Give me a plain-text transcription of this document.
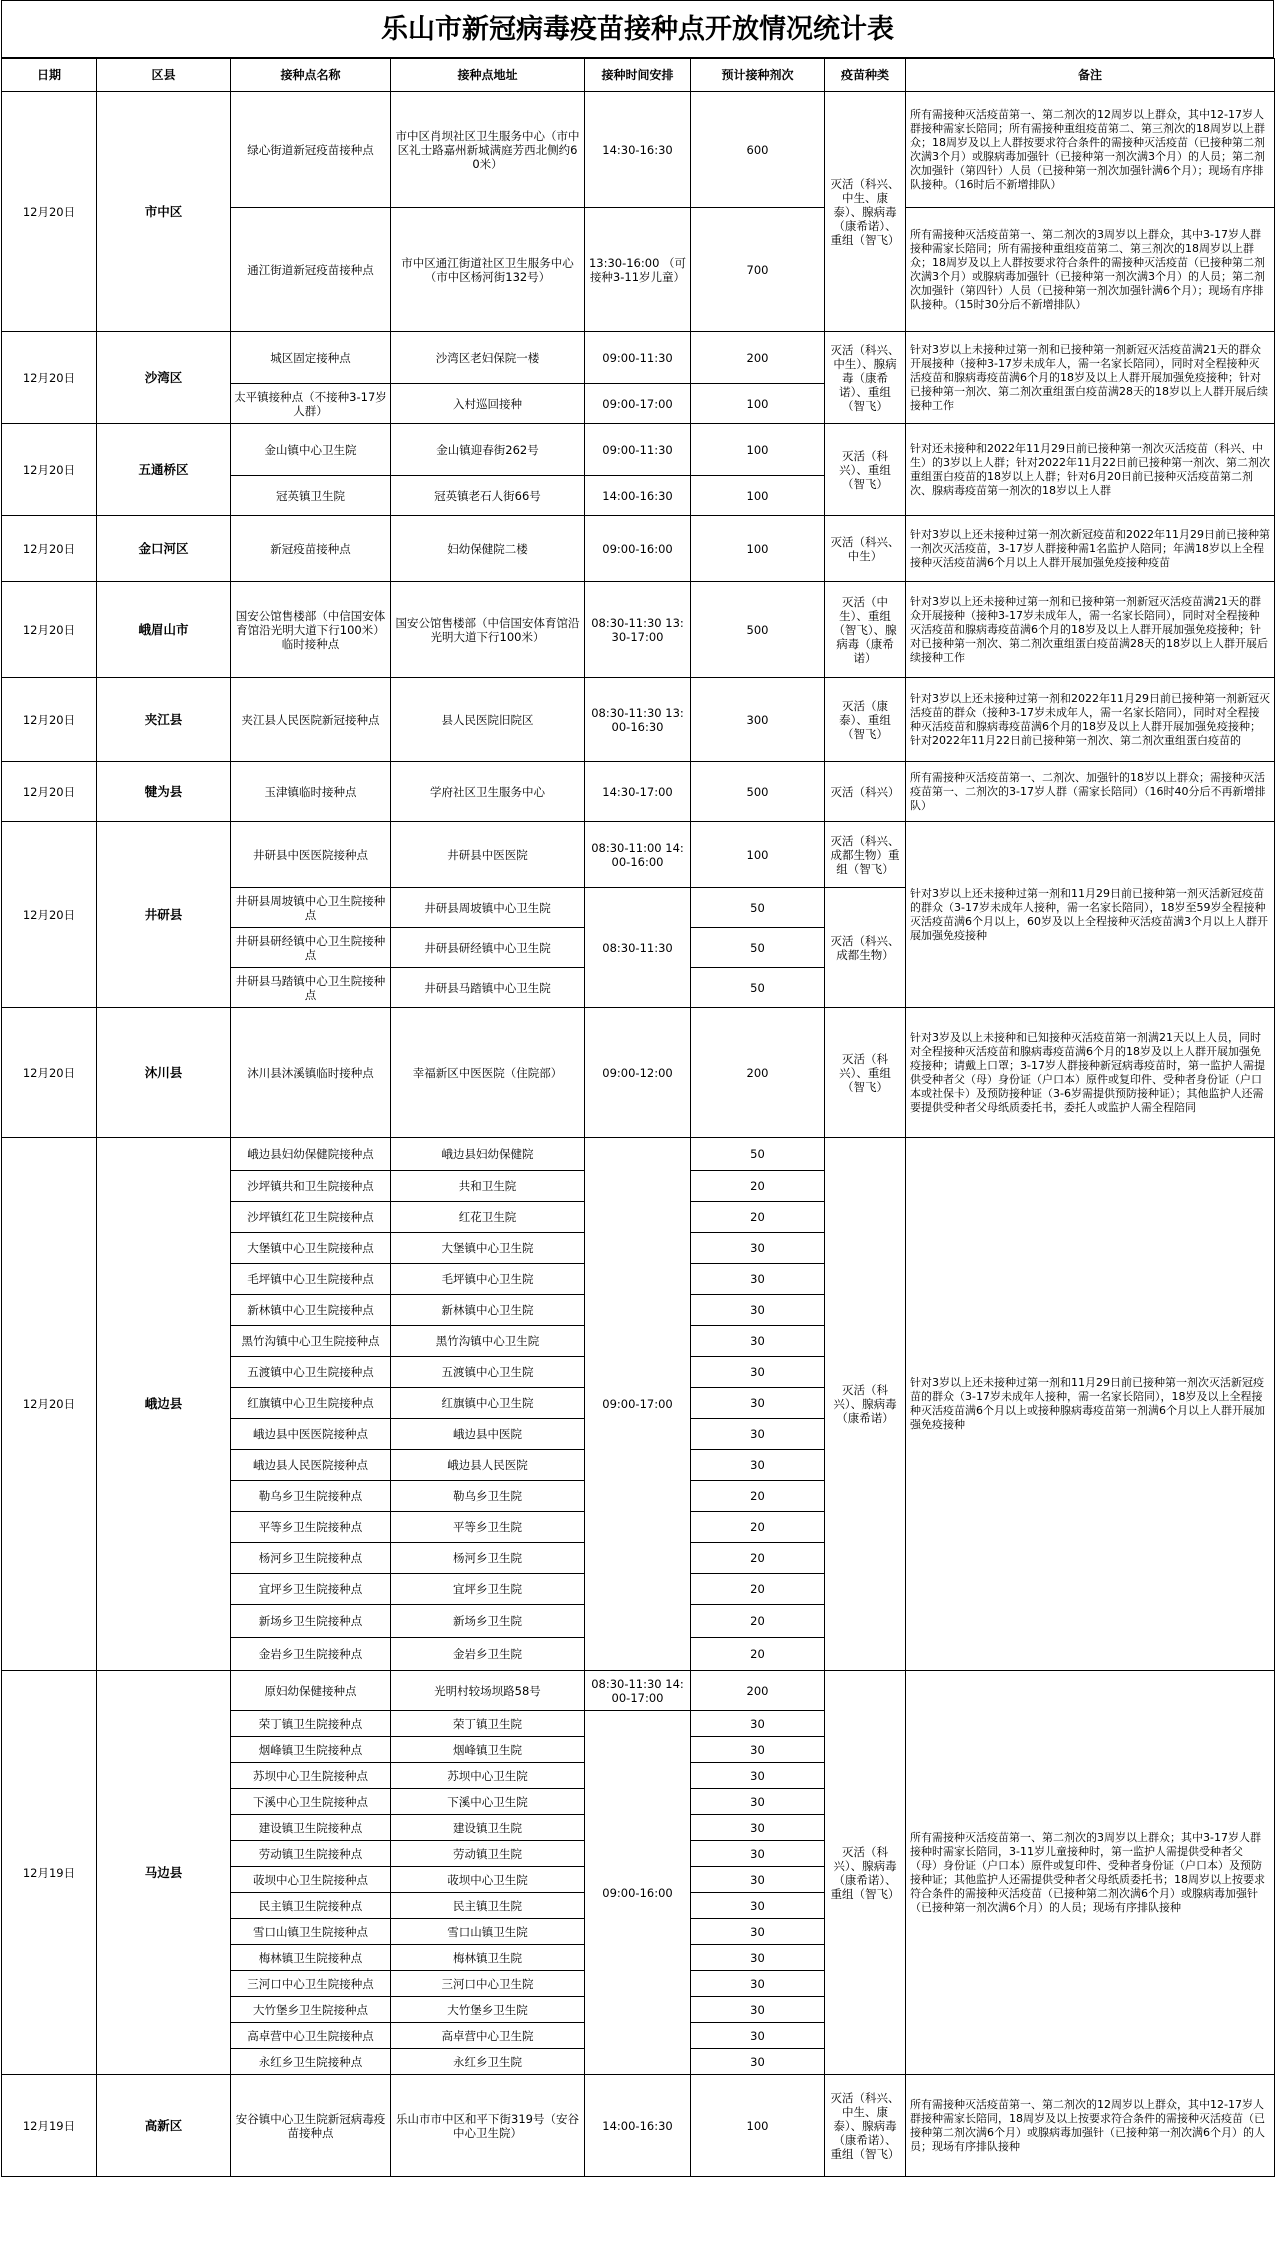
乐山市新冠病毒疫苗接种点开放情况统计表
日期	区县	接种点名称	接种点地址	接种时间安排	预计接种剂次	疫苗种类	备注
12月20日	市中区	绿心街道新冠疫苗接种点	市中区肖坝社区卫生服务中心（市中区礼士路嘉州新城满庭芳西北侧约60米）	14:30-16:30	600	灭活（科兴、中生、康泰）、腺病毒（康希诺）、重组（智飞）	所有需接种灭活疫苗第一、第二剂次的12周岁以上群众，其中12-17岁人群接种需家长陪同；所有需接种重组疫苗第二、第三剂次的18周岁以上群众；18周岁及以上人群按要求符合条件的需接种灭活疫苗（已接种第二剂次满3个月）或腺病毒加强针（已接种第一剂次满3个月）的人员；第二剂次加强针（第四针）人员（已接种第一剂次加强针满6个月）；现场有序排队接种。（16时后不新增排队）
		通江街道新冠疫苗接种点	市中区通江街道社区卫生服务中心（市中区杨河街132号）	13:30-16:00 （可接种3-11岁儿童）	700		所有需接种灭活疫苗第一、第二剂次的3周岁以上群众，其中3-17岁人群接种需家长陪同；所有需接种重组疫苗第二、第三剂次的18周岁以上群众；18周岁及以上人群按要求符合条件的需接种灭活疫苗（已接种第二剂次满3个月）或腺病毒加强针（已接种第一剂次满3个月）的人员；第二剂次加强针（第四针）人员（已接种第一剂次加强针满6个月）；现场有序排队接种。（15时30分后不新增排队）
12月20日	沙湾区	城区固定接种点	沙湾区老妇保院一楼	09:00-11:30	200	灭活（科兴、中生）、腺病毒（康希诺）、重组（智飞）	针对3岁以上未接种过第一剂和已接种第一剂新冠灭活疫苗满21天的群众开展接种（接种3-17岁未成年人，需一名家长陪同），同时对全程接种灭活疫苗和腺病毒疫苗满6个月的18岁及以上人群开展加强免疫接种；针对已接种第一剂次、第二剂次重组蛋白疫苗满28天的18岁以上人群开展后续接种工作
		太平镇接种点（不接种3-17岁人群）	入村巡回接种	09:00-17:00	100		
12月20日	五通桥区	金山镇中心卫生院	金山镇迎春街262号	09:00-11:30	100	灭活（科兴）、重组（智飞）	针对还未接种和2022年11月29日前已接种第一剂次灭活疫苗（科兴、中生）的3岁以上人群；针对2022年11月22日前已接种第一剂次、第二剂次重组蛋白疫苗的18岁以上人群；针对6月20日前已接种灭活疫苗第二剂次、腺病毒疫苗第一剂次的18岁以上人群
		冠英镇卫生院	冠英镇老石人街66号	14:00-16:30	100		
12月20日	金口河区	新冠疫苗接种点	妇幼保健院二楼	09:00-16:00	100	灭活（科兴、中生）	针对3岁以上还未接种过第一剂次新冠疫苗和2022年11月29日前已接种第一剂次灭活疫苗，3-17岁人群接种需1名监护人陪同；年满18岁以上全程接种灭活疫苗满6个月以上人群开展加强免疫接种疫苗
12月20日	峨眉山市	国安公馆售楼部（中信国安体育馆沿光明大道下行100米）临时接种点	国安公馆售楼部（中信国安体育馆沿光明大道下行100米）	08:30-11:30 13:30-17:00	500	灭活（中生）、重组（智飞）、腺病毒（康希诺）	针对3岁以上还未接种过第一剂和已接种第一剂新冠灭活疫苗满21天的群众开展接种（接种3-17岁未成年人，需一名家长陪同），同时对全程接种灭活疫苗和腺病毒疫苗满6个月的18岁及以上人群开展加强免疫接种；针对已接种第一剂次、第二剂次重组蛋白疫苗满28天的18岁以上人群开展后续接种工作
12月20日	夹江县	夹江县人民医院新冠接种点	县人民医院旧院区	08:30-11:30 13:00-16:30	300	灭活（康泰）、重组（智飞）	针对3岁以上还未接种过第一剂和2022年11月29日前已接种第一剂新冠灭活疫苗的群众（接种3-17岁未成年人，需一名家长陪同），同时对全程接种灭活疫苗和腺病毒疫苗满6个月的18岁及以上人群开展加强免疫接种；针对2022年11月22日前已接种第一剂次、第二剂次重组蛋白疫苗的
12月20日	犍为县	玉津镇临时接种点	学府社区卫生服务中心	14:30-17:00	500	灭活（科兴）	所有需接种灭活疫苗第一、二剂次、加强针的18岁以上群众；需接种灭活疫苗第一、二剂次的3-17岁人群（需家长陪同）（16时40分后不再新增排队）
12月20日	井研县	井研县中医医院接种点	井研县中医医院	08:30-11:00 14:00-16:00	100	灭活（科兴、成都生物）重组（智飞）	针对3岁以上还未接种过第一剂和11月29日前已接种第一剂灭活新冠疫苗的群众（3-17岁未成年人接种，需一名家长陪同），18岁至59岁全程接种灭活疫苗满6个月以上，60岁及以上全程接种灭活疫苗满3个月以上人群开展加强免疫接种
		井研县周坡镇中心卫生院接种点	井研县周坡镇中心卫生院	08:30-11:30	50	灭活（科兴、成都生物）	
		井研县研经镇中心卫生院接种点	井研县研经镇中心卫生院		50		
		井研县马踏镇中心卫生院接种点	井研县马踏镇中心卫生院		50		
12月20日	沐川县	沐川县沐溪镇临时接种点	幸福新区中医医院（住院部）	09:00-12:00	200	灭活（科兴）、重组（智飞）	针对3岁及以上未接种和已知接种灭活疫苗第一剂满21天以上人员，同时对全程接种灭活疫苗和腺病毒疫苗满6个月的18岁及以上人群开展加强免疫接种；请戴上口罩；3-17岁人群接种新冠病毒疫苗时，第一监护人需提供受种者父（母）身份证（户口本）原件或复印件、受种者身份证（户口本或社保卡）及预防接种证（3-6岁需提供预防接种证）；其他监护人还需要提供受种者父母纸质委托书，委托人或监护人需全程陪同
12月20日	峨边县	峨边县妇幼保健院接种点	峨边县妇幼保健院	09:00-17:00	50	灭活（科兴）、腺病毒（康希诺）	针对3岁以上还未接种过第一剂和11月29日前已接种第一剂次灭活新冠疫苗的群众（3-17岁未成年人接种，需一名家长陪同），18岁及以上全程接种灭活疫苗满6个月以上或接种腺病毒疫苗第一剂满6个月以上人群开展加强免疫接种
		沙坪镇共和卫生院接种点	共和卫生院		20		
		沙坪镇红花卫生院接种点	红花卫生院		20		
		大堡镇中心卫生院接种点	大堡镇中心卫生院		30		
		毛坪镇中心卫生院接种点	毛坪镇中心卫生院		30		
		新林镇中心卫生院接种点	新林镇中心卫生院		30		
		黑竹沟镇中心卫生院接种点	黑竹沟镇中心卫生院		30		
		五渡镇中心卫生院接种点	五渡镇中心卫生院		30		
		红旗镇中心卫生院接种点	红旗镇中心卫生院		30		
		峨边县中医医院接种点	峨边县中医院		30		
		峨边县人民医院接种点	峨边县人民医院		30		
		勒乌乡卫生院接种点	勒乌乡卫生院		20		
		平等乡卫生院接种点	平等乡卫生院		20		
		杨河乡卫生院接种点	杨河乡卫生院		20		
		宜坪乡卫生院接种点	宜坪乡卫生院		20		
		新场乡卫生院接种点	新场乡卫生院		20		
		金岩乡卫生院接种点	金岩乡卫生院		20		
12月19日	马边县	原妇幼保健接种点	光明村较场坝路58号	08:30-11:30 14:00-17:00	200	灭活（科兴）、腺病毒（康希诺）、重组（智飞）	所有需接种灭活疫苗第一、第二剂次的3周岁以上群众；其中3-17岁人群接种时需家长陪同，3-11岁儿童接种时，第一监护人需提供受种者父（母）身份证（户口本）原件或复印件、受种者身份证（户口本）及预防接种证；其他监护人还需提供受种者父母纸质委托书；18周岁以上按要求符合条件的需接种灭活疫苗（已接种第二剂次满6个月）或腺病毒加强针（已接种第一剂次满6个月）的人员；现场有序排队接种
		荣丁镇卫生院接种点	荣丁镇卫生院	09:00-16:00	30		
		烟峰镇卫生院接种点	烟峰镇卫生院		30		
		苏坝中心卫生院接种点	苏坝中心卫生院		30		
		下溪中心卫生院接种点	下溪中心卫生院		30		
		建设镇卫生院接种点	建设镇卫生院		30		
		劳动镇卫生院接种点	劳动镇卫生院		30		
		荍坝中心卫生院接种点	荍坝中心卫生院		30		
		民主镇卫生院接种点	民主镇卫生院		30		
		雪口山镇卫生院接种点	雪口山镇卫生院		30		
		梅林镇卫生院接种点	梅林镇卫生院		30		
		三河口中心卫生院接种点	三河口中心卫生院		30		
		大竹堡乡卫生院接种点	大竹堡乡卫生院		30		
		高卓营中心卫生院接种点	高卓营中心卫生院		30		
		永红乡卫生院接种点	永红乡卫生院		30		
12月19日	高新区	安谷镇中心卫生院新冠病毒疫苗接种点	乐山市市中区和平下街319号（安谷中心卫生院）	14:00-16:30	100	灭活（科兴、中生、康泰）、腺病毒（康希诺）、重组（智飞）	所有需接种灭活疫苗第一、第二剂次的12周岁以上群众，其中12-17岁人群接种需家长陪同，18周岁及以上按要求符合条件的需接种灭活疫苗（已接种第二剂次满6个月）或腺病毒加强针（已接种第一剂次满6个月）的人员；现场有序排队接种
